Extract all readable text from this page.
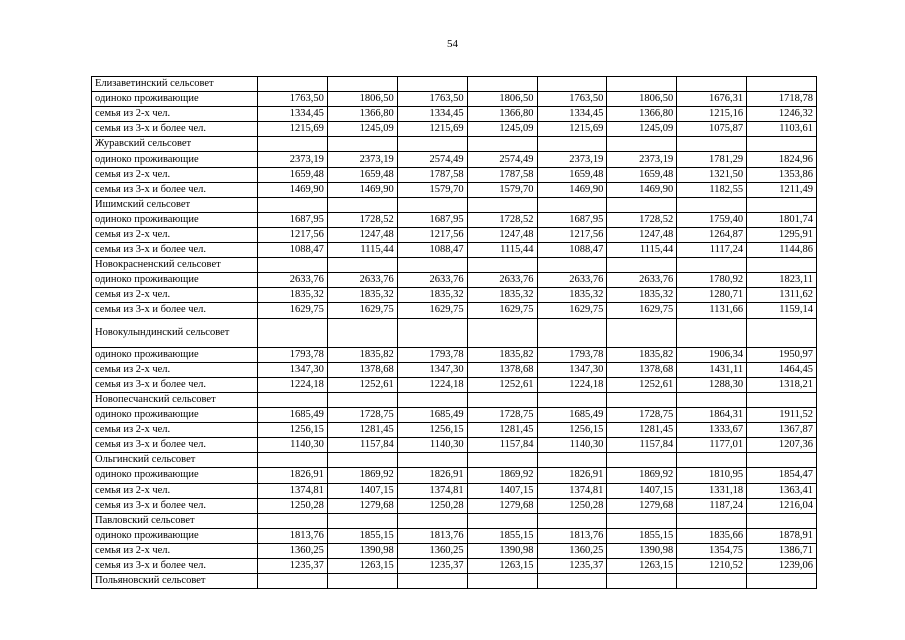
54
Елизаветинский сельсовет								
одиноко проживающие	1763,50	1806,50	1763,50	1806,50	1763,50	1806,50	1676,31	1718,78
семья из 2-х чел.	1334,45	1366,80	1334,45	1366,80	1334,45	1366,80	1215,16	1246,32
семья из 3-х и более чел.	1215,69	1245,09	1215,69	1245,09	1215,69	1245,09	1075,87	1103,61
Журавский сельсовет								
одиноко проживающие	2373,19	2373,19	2574,49	2574,49	2373,19	2373,19	1781,29	1824,96
семья из 2-х чел.	1659,48	1659,48	1787,58	1787,58	1659,48	1659,48	1321,50	1353,86
семья из 3-х и более чел.	1469,90	1469,90	1579,70	1579,70	1469,90	1469,90	1182,55	1211,49
Ишимский сельсовет								
одиноко проживающие	1687,95	1728,52	1687,95	1728,52	1687,95	1728,52	1759,40	1801,74
семья из 2-х чел.	1217,56	1247,48	1217,56	1247,48	1217,56	1247,48	1264,87	1295,91
семья из 3-х и более чел.	1088,47	1115,44	1088,47	1115,44	1088,47	1115,44	1117,24	1144,86
Новокрасненский сельсовет								
одиноко проживающие	2633,76	2633,76	2633,76	2633,76	2633,76	2633,76	1780,92	1823,11
семья из 2-х чел.	1835,32	1835,32	1835,32	1835,32	1835,32	1835,32	1280,71	1311,62
семья из 3-х и более чел.	1629,75	1629,75	1629,75	1629,75	1629,75	1629,75	1131,66	1159,14
Новокулындинский сельсовет								
одиноко проживающие	1793,78	1835,82	1793,78	1835,82	1793,78	1835,82	1906,34	1950,97
семья из 2-х чел.	1347,30	1378,68	1347,30	1378,68	1347,30	1378,68	1431,11	1464,45
семья из 3-х и более чел.	1224,18	1252,61	1224,18	1252,61	1224,18	1252,61	1288,30	1318,21
Новопесчанский сельсовет								
одиноко проживающие	1685,49	1728,75	1685,49	1728,75	1685,49	1728,75	1864,31	1911,52
семья из 2-х чел.	1256,15	1281,45	1256,15	1281,45	1256,15	1281,45	1333,67	1367,87
семья из 3-х и более чел.	1140,30	1157,84	1140,30	1157,84	1140,30	1157,84	1177,01	1207,36
Ольгинский сельсовет								
одиноко проживающие	1826,91	1869,92	1826,91	1869,92	1826,91	1869,92	1810,95	1854,47
семья из 2-х чел.	1374,81	1407,15	1374,81	1407,15	1374,81	1407,15	1331,18	1363,41
семья из 3-х и более чел.	1250,28	1279,68	1250,28	1279,68	1250,28	1279,68	1187,24	1216,04
Павловский сельсовет								
одиноко проживающие	1813,76	1855,15	1813,76	1855,15	1813,76	1855,15	1835,66	1878,91
семья из 2-х чел.	1360,25	1390,98	1360,25	1390,98	1360,25	1390,98	1354,75	1386,71
семья из 3-х и более чел.	1235,37	1263,15	1235,37	1263,15	1235,37	1263,15	1210,52	1239,06
Польяновский сельсовет								
